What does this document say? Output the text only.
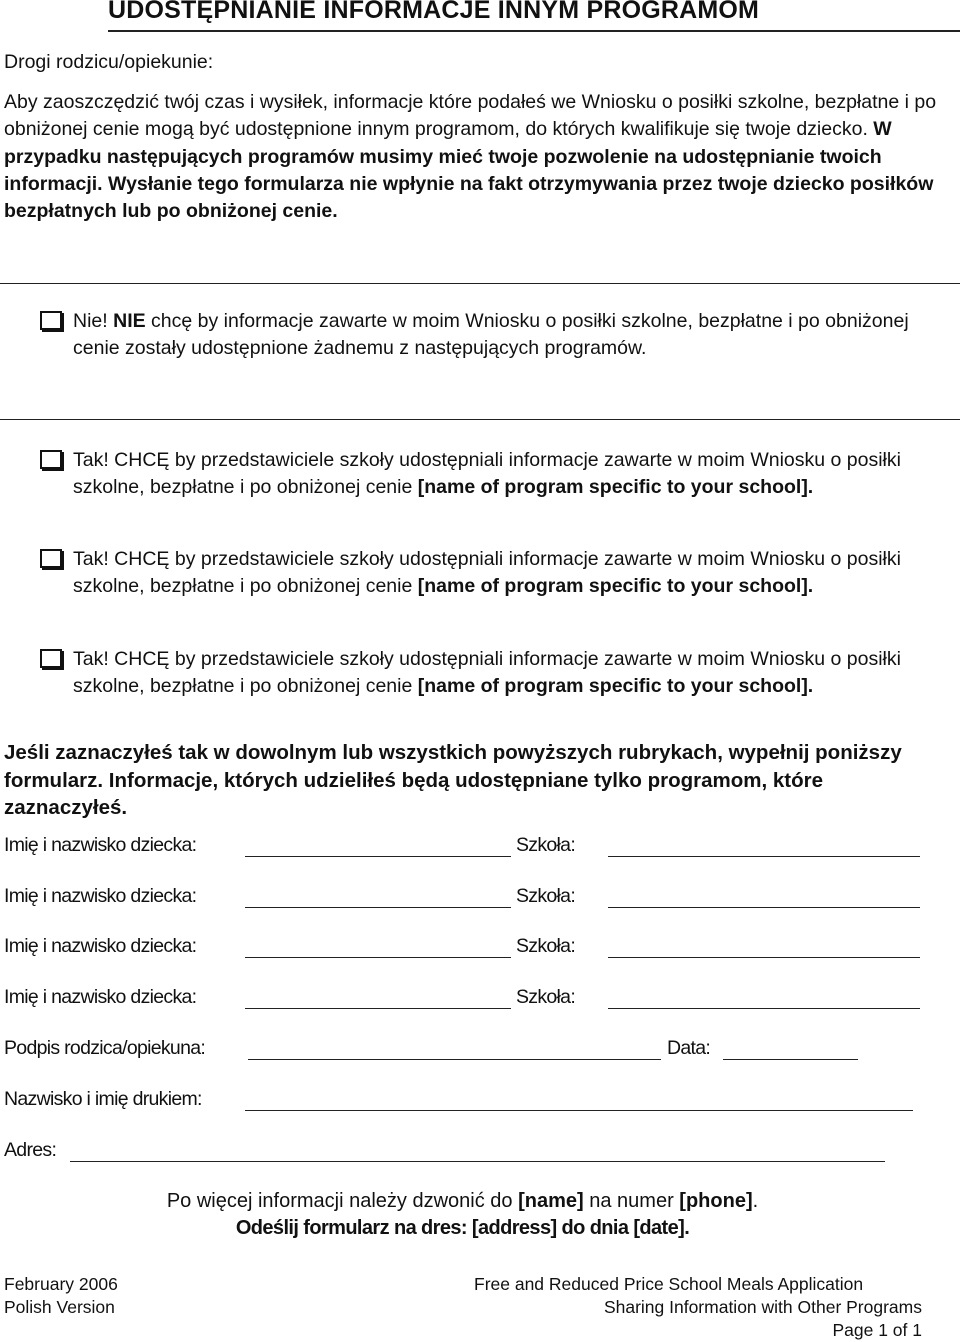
UDOSTĘPNIANIE INFORMACJE INNYM PROGRAMOM
Drogi rodzicu/opiekunie:
Aby zaoszczędzić twój czas i wysiłek, informacje które podałeś we Wniosku o posiłki szkolne, bezpłatne i po obniżonej cenie mogą być udostępnione innym programom, do których kwalifikuje się twoje dziecko. W przypadku następujących programów musimy mieć twoje pozwolenie na udostępnianie twoich informacji. Wysłanie tego formularza nie wpłynie na fakt otrzymywania przez twoje dziecko posiłków bezpłatnych lub po obniżonej cenie.
Nie! NIE chcę by informacje zawarte w moim Wniosku o posiłki szkolne, bezpłatne i po obniżonej cenie zostały udostępnione żadnemu z następujących programów.
Tak! CHCĘ by przedstawiciele szkoły udostępniali informacje zawarte w moim Wniosku o posiłki szkolne, bezpłatne i po obniżonej cenie [name of program specific to your school].
Tak! CHCĘ by przedstawiciele szkoły udostępniali informacje zawarte w moim Wniosku o posiłki szkolne, bezpłatne i po obniżonej cenie [name of program specific to your school].
Tak! CHCĘ by przedstawiciele szkoły udostępniali informacje zawarte w moim Wniosku o posiłki szkolne, bezpłatne i po obniżonej cenie [name of program specific to your school].
Jeśli zaznaczyłeś tak w dowolnym lub wszystkich powyższych rubrykach, wypełnij poniższy formularz. Informacje, których udzieliłeś będą udostępniane tylko programom, które zaznaczyłeś.
Imię i nazwisko dziecka:	Szkoła:
Imię i nazwisko dziecka:	Szkoła:
Imię i nazwisko dziecka:	Szkoła:
Imię i nazwisko dziecka:	Szkoła:
Podpis rodzica/opiekuna:	Data:
Nazwisko i imię drukiem:
Adres:
Po więcej informacji należy dzwonić do [name] na numer [phone].
Odeślij formularz na dres: [address] do dnia [date].
February 2006
Polish Version
Free and Reduced Price School Meals Application
Sharing Information with Other Programs
Page 1 of 1
